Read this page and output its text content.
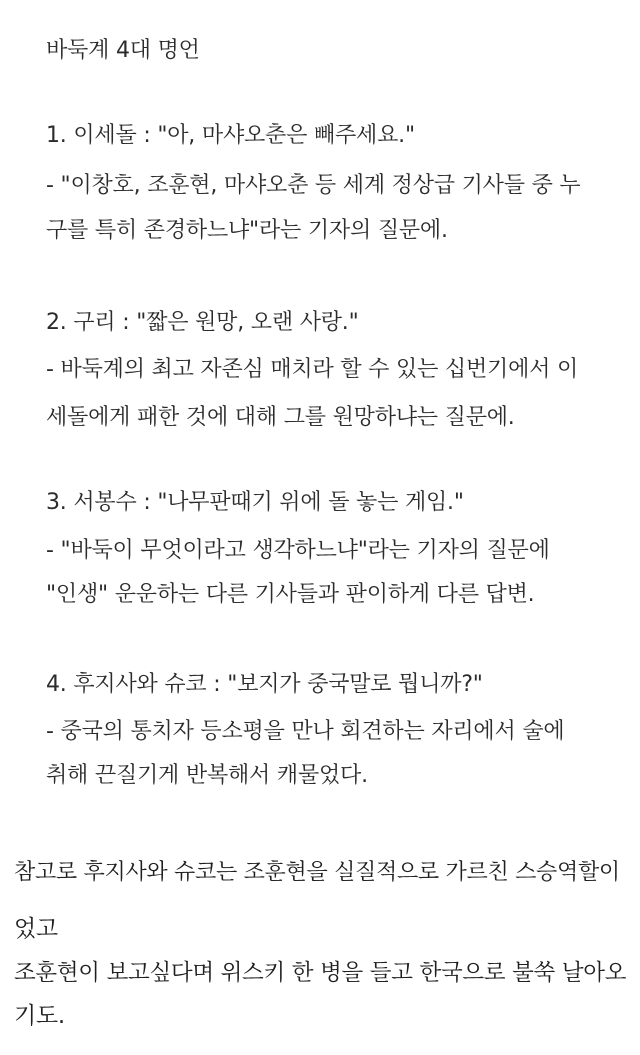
바둑계 4대 명언
1. 이세돌 : "아, 마샤오춘은 빼주세요."
- "이창호, 조훈현, 마샤오춘 등 세계 정상급 기사들 중 누
구를 특히 존경하느냐"라는 기자의 질문에.
2. 구리 : "짧은 원망, 오랜 사랑."
- 바둑계의 최고 자존심 매치라 할 수 있는 십번기에서 이
세돌에게 패한 것에 대해 그를 원망하냐는 질문에.
3. 서봉수 : "나무판때기 위에 돌 놓는 게임."
- "바둑이 무엇이라고 생각하느냐"라는 기자의 질문에
"인생" 운운하는 다른 기사들과 판이하게 다른 답변.
4. 후지사와 슈코 : "보지가 중국말로 뭡니까?"
- 중국의 통치자 등소평을 만나 회견하는 자리에서 술에
취해 끈질기게 반복해서 캐물었다.
참고로 후지사와 슈코는 조훈현을 실질적으로 가르친 스승역할이
었고
조훈현이 보고싶다며 위스키 한 병을 들고 한국으로 불쑥 날아오
기도.
